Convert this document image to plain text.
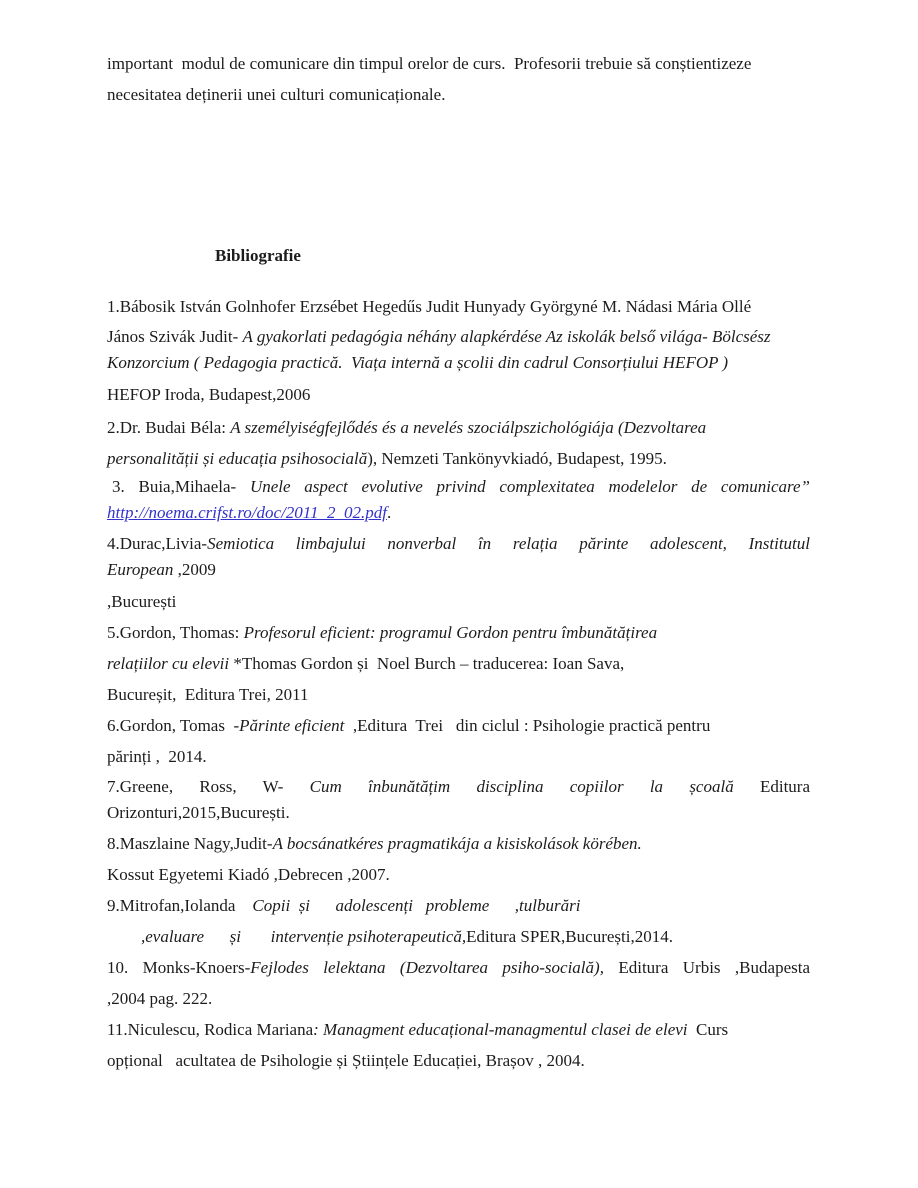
important  modul de comunicare din timpul orelor de curs.  Profesorii trebuie să conștientizeze
necesitatea deținerii unei culturi comunicaționale.
Bibliografie
1.Bábosik István Golnhofer Erzsébet Hegedűs Judit Hunyady Györgyné M. Nádasi Mária Ollé
János Szivák Judit- A gyakorlati pedagógia néhány alapkérdése Az iskolák belső világa- Bölcsész
Konzorcium ( Pedagogia practică.  Viața internă a școlii din cadrul Consorțiului HEFOP )
HEFOP Iroda, Budapest,2006
2.Dr. Budai Béla: A személyiségfejlődés és a nevelés szociálpszichológiája (Dezvoltarea
personalității și educația psihosocială), Nemzeti Tankönyvkiadó, Budapest, 1995.
3. Buia,Mihaela- Unele aspect evolutive privind complexitatea modelelor de comunicare”
http://noema.crifst.ro/doc/2011_2_02.pdf.
4.Durac,Livia-Semiotica limbajului nonverbal în relația părinte adolescent, Institutul
European ,2009
,București
5.Gordon, Thomas: Profesorul eficient: programul Gordon pentru îmbunătățirea
relațiilor cu elevii *Thomas Gordon și  Noel Burch – traducerea: Ioan Sava,
Bucureșit,  Editura Trei, 2011
6.Gordon, Tomas  -Părinte eficient  ,Editura  Trei   din ciclul : Psihologie practică pentru
părinți ,  2014.
7.Greene, Ross, W- Cum înbunătățim disciplina copiilor la școală Editura
Orizonturi,2015,București.
8.Maszlaine Nagy,Judit-A bocsánatkéres pragmatikája a kisiskolások körében.
Kossut Egyetemi Kiadó ,Debrecen ,2007.
9.Mitrofan,Iolanda    Copii  și      adolescenți   probleme      ,tulburări
,evaluare      și       intervenție psihoterapeutică,Editura SPER,București,2014.
10. Monks-Knoers-Fejlodes lelektana (Dezvoltarea psiho-socială), Editura Urbis ,Budapesta
,2004 pag. 222.
11.Niculescu, Rodica Mariana: Managment educațional-managmentul clasei de elevi  Curs
opțional   acultatea de Psihologie și Științele Educației, Brașov , 2004.
